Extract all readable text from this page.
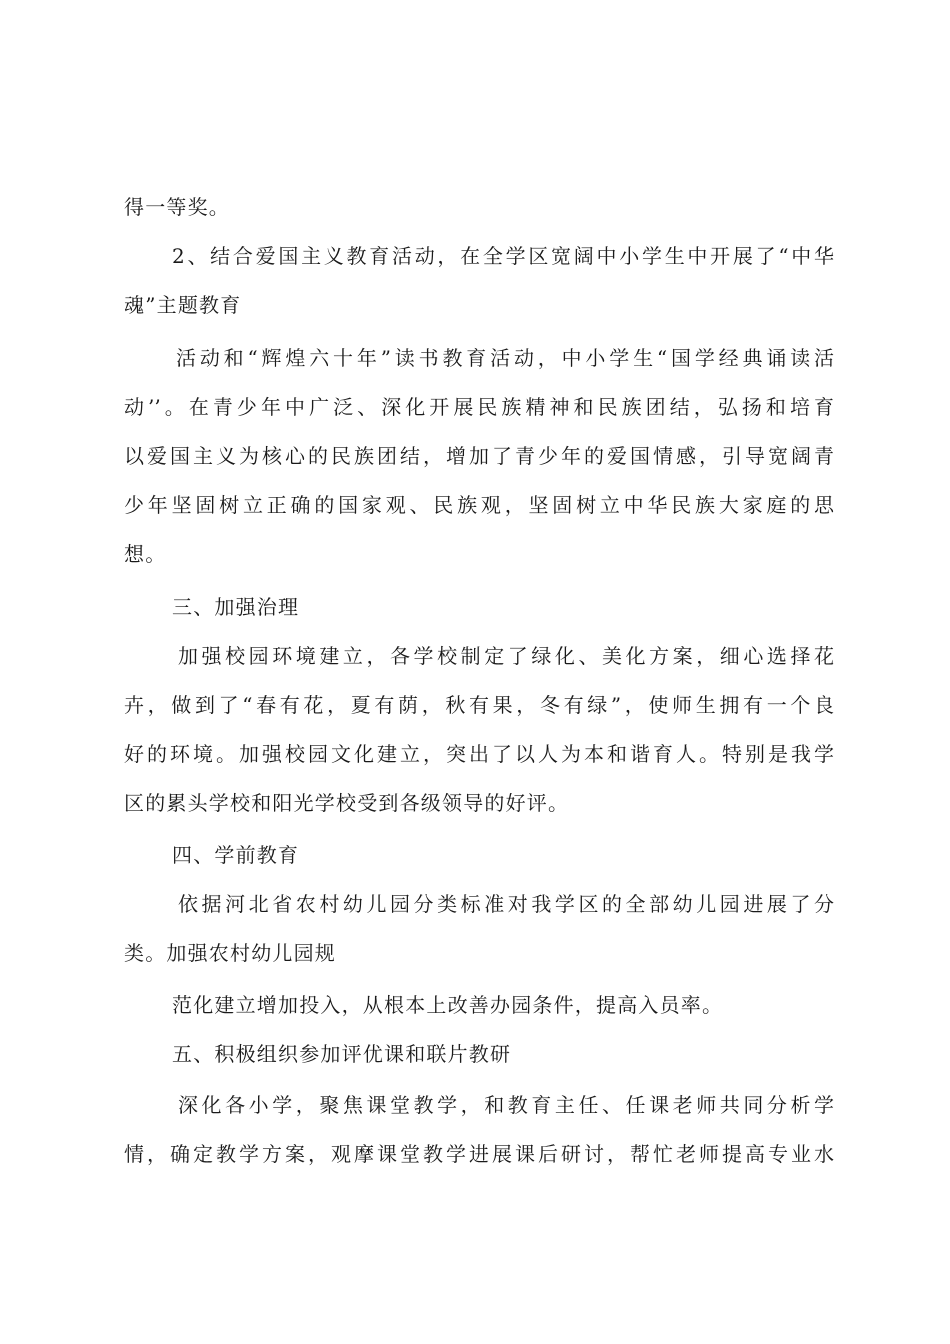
得一等奖。
2、结合爱国主义教育活动，在全学区宽阔中小学生中开展了“中华
魂”主题教育
活动和“辉煌六十年”读书教育活动，中小学生“国学经典诵读活
动’’。在青少年中广泛、深化开展民族精神和民族团结，弘扬和培育
以爱国主义为核心的民族团结，增加了青少年的爱国情感，引导宽阔青
少年坚固树立正确的国家观、民族观，坚固树立中华民族大家庭的思
想。
三、加强治理
加强校园环境建立，各学校制定了绿化、美化方案，细心选择花
卉，做到了“春有花，夏有荫，秋有果，冬有绿”，使师生拥有一个良
好的环境。加强校园文化建立，突出了以人为本和谐育人。特别是我学
区的累头学校和阳光学校受到各级领导的好评。
四、学前教育
依据河北省农村幼儿园分类标准对我学区的全部幼儿园进展了分
类。加强农村幼儿园规
范化建立增加投入，从根本上改善办园条件，提高入员率。
五、积极组织参加评优课和联片教研
深化各小学，聚焦课堂教学，和教育主任、任课老师共同分析学
情，确定教学方案，观摩课堂教学进展课后研讨，帮忙老师提高专业水
